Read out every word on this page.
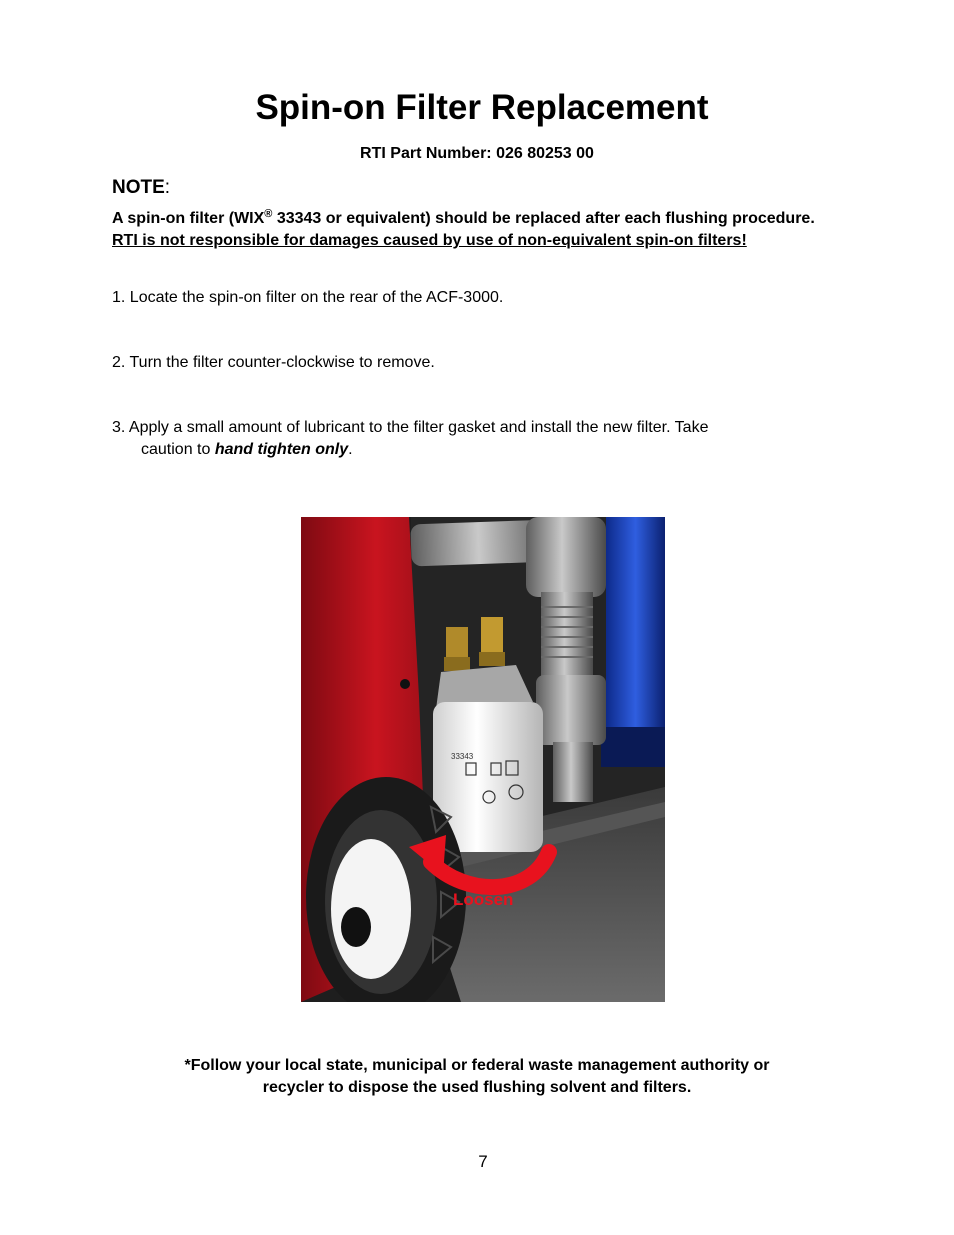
Spin-on Filter Replacement
RTI Part Number: 026 80253 00
NOTE:
A spin-on filter (WIX® 33343 or equivalent) should be replaced after each flushing procedure. RTI is not responsible for damages caused by use of non-equivalent spin-on filters!
1. Locate the spin-on filter on the rear of the ACF-3000.
2. Turn the filter counter-clockwise to remove.
3. Apply a small amount of lubricant to the filter gasket and install the new filter. Take
caution to hand tighten only.
33343
Loosen
*Follow your local state, municipal or federal waste management authority or
recycler to dispose the used flushing solvent and filters.
7
